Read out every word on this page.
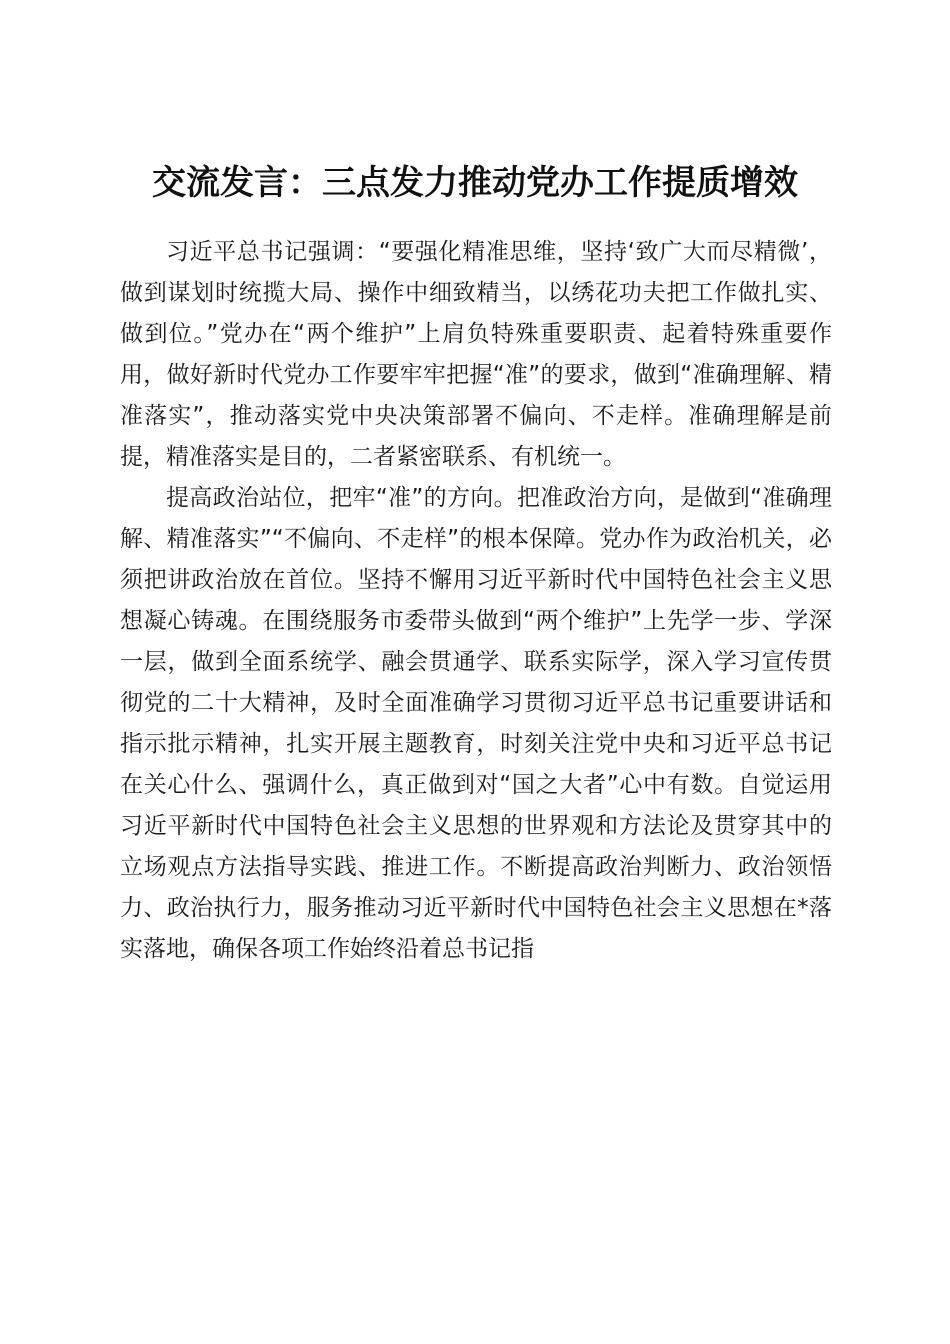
交流发言：三点发力推动党办工作提质增效

习近平总书记强调：“要强化精准思维，坚持‘致广大而尽精微’，做到谋划时统揽大局、操作中细致精当，以绣花功夫把工作做扎实、做到位。”党办在“两个维护”上肩负特殊重要职责、起着特殊重要作用，做好新时代党办工作要牢牢把握“准”的要求，做到“准确理解、精准落实”，推动落实党中央决策部署不偏向、不走样。准确理解是前提，精准落实是目的，二者紧密联系、有机统一。

提高政治站位，把牢“准”的方向。把准政治方向，是做到“准确理解、精准落实”“不偏向、不走样”的根本保障。党办作为政治机关，必须把讲政治放在首位。坚持不懈用习近平新时代中国特色社会主义思想凝心铸魂。在围绕服务市委带头做到“两个维护”上先学一步、学深一层，做到全面系统学、融会贯通学、联系实际学，深入学习宣传贯彻党的二十大精神，及时全面准确学习贯彻习近平总书记重要讲话和指示批示精神，扎实开展主题教育，时刻关注党中央和习近平总书记在关心什么、强调什么，真正做到对“国之大者”心中有数。自觉运用习近平新时代中国特色社会主义思想的世界观和方法论及贯穿其中的立场观点方法指导实践、推进工作。不断提高政治判断力、政治领悟力、政治执行力，服务推动习近平新时代中国特色社会主义思想在*落实落地，确保各项工作始终沿着总书记指
